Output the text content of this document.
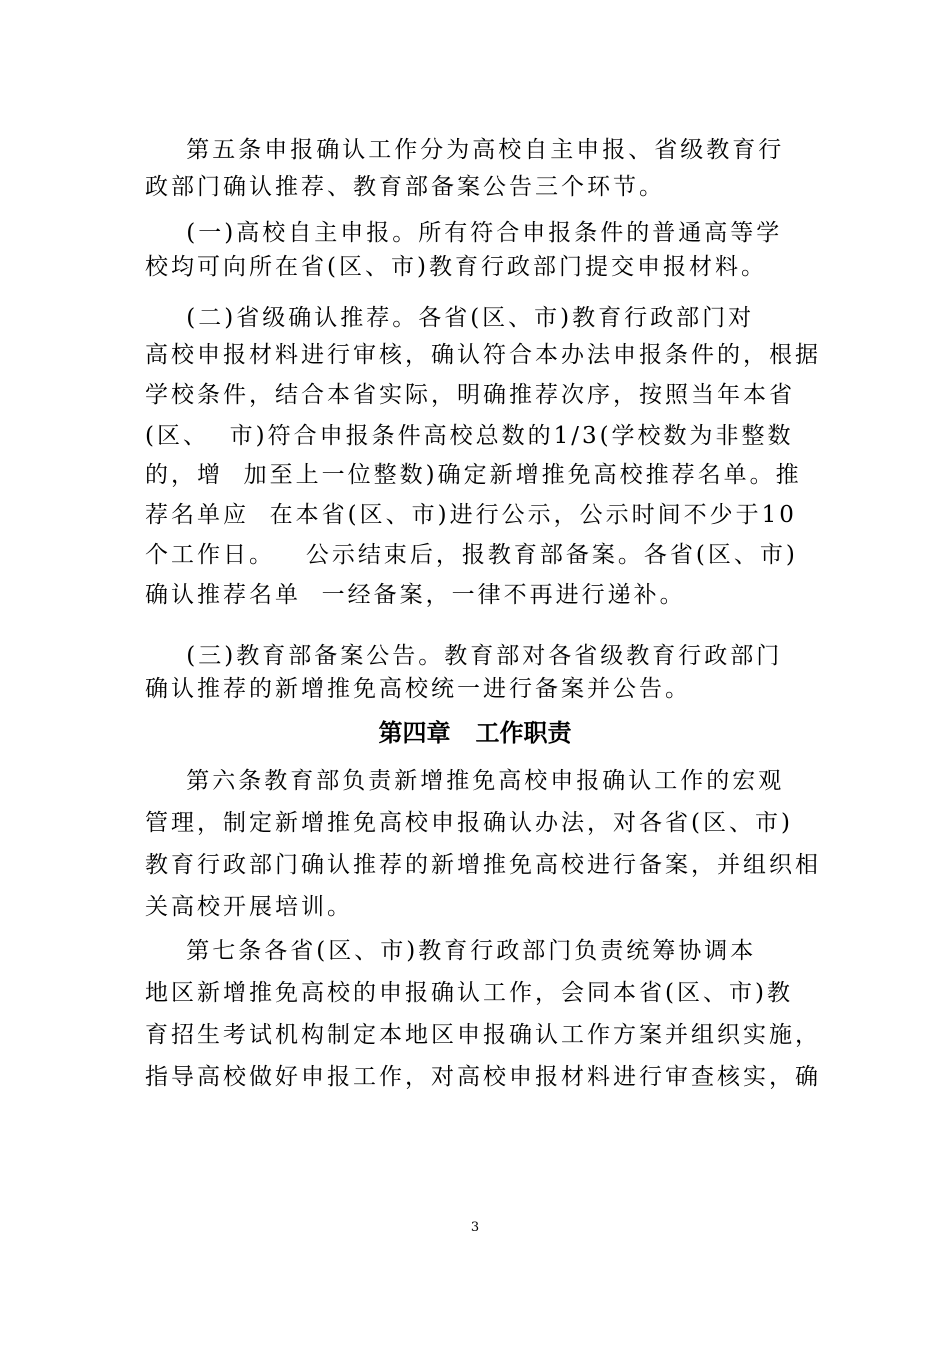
第五条申报确认工作分为高校自主申报、省级教育行
政部门确认推荐、教育部备案公告三个环节。
(一)高校自主申报。所有符合申报条件的普通高等学
校均可向所在省(区、市)教育行政部门提交申报材料。
(二)省级确认推荐。各省(区、市)教育行政部门对
高校申报材料进行审核，确认符合本办法申报条件的，根据
学校条件，结合本省实际，明确推荐次序，按照当年本省
(区、  市)符合申报条件高校总数的1/3(学校数为非整数
的，增  加至上一位整数)确定新增推免高校推荐名单。推
荐名单应  在本省(区、市)进行公示，公示时间不少于10
个工作日。   公示结束后，报教育部备案。各省(区、市)
确认推荐名单  一经备案，一律不再进行递补。
(三)教育部备案公告。教育部对各省级教育行政部门
确认推荐的新增推免高校统一进行备案并公告。
第四章   工作职责
第六条教育部负责新增推免高校申报确认工作的宏观
管理，制定新增推免高校申报确认办法，对各省(区、市)
教育行政部门确认推荐的新增推免高校进行备案，并组织相
关高校开展培训。
第七条各省(区、市)教育行政部门负责统筹协调本
地区新增推免高校的申报确认工作，会同本省(区、市)教
育招生考试机构制定本地区申报确认工作方案并组织实施，
指导高校做好申报工作，对高校申报材料进行审查核实，确
3
